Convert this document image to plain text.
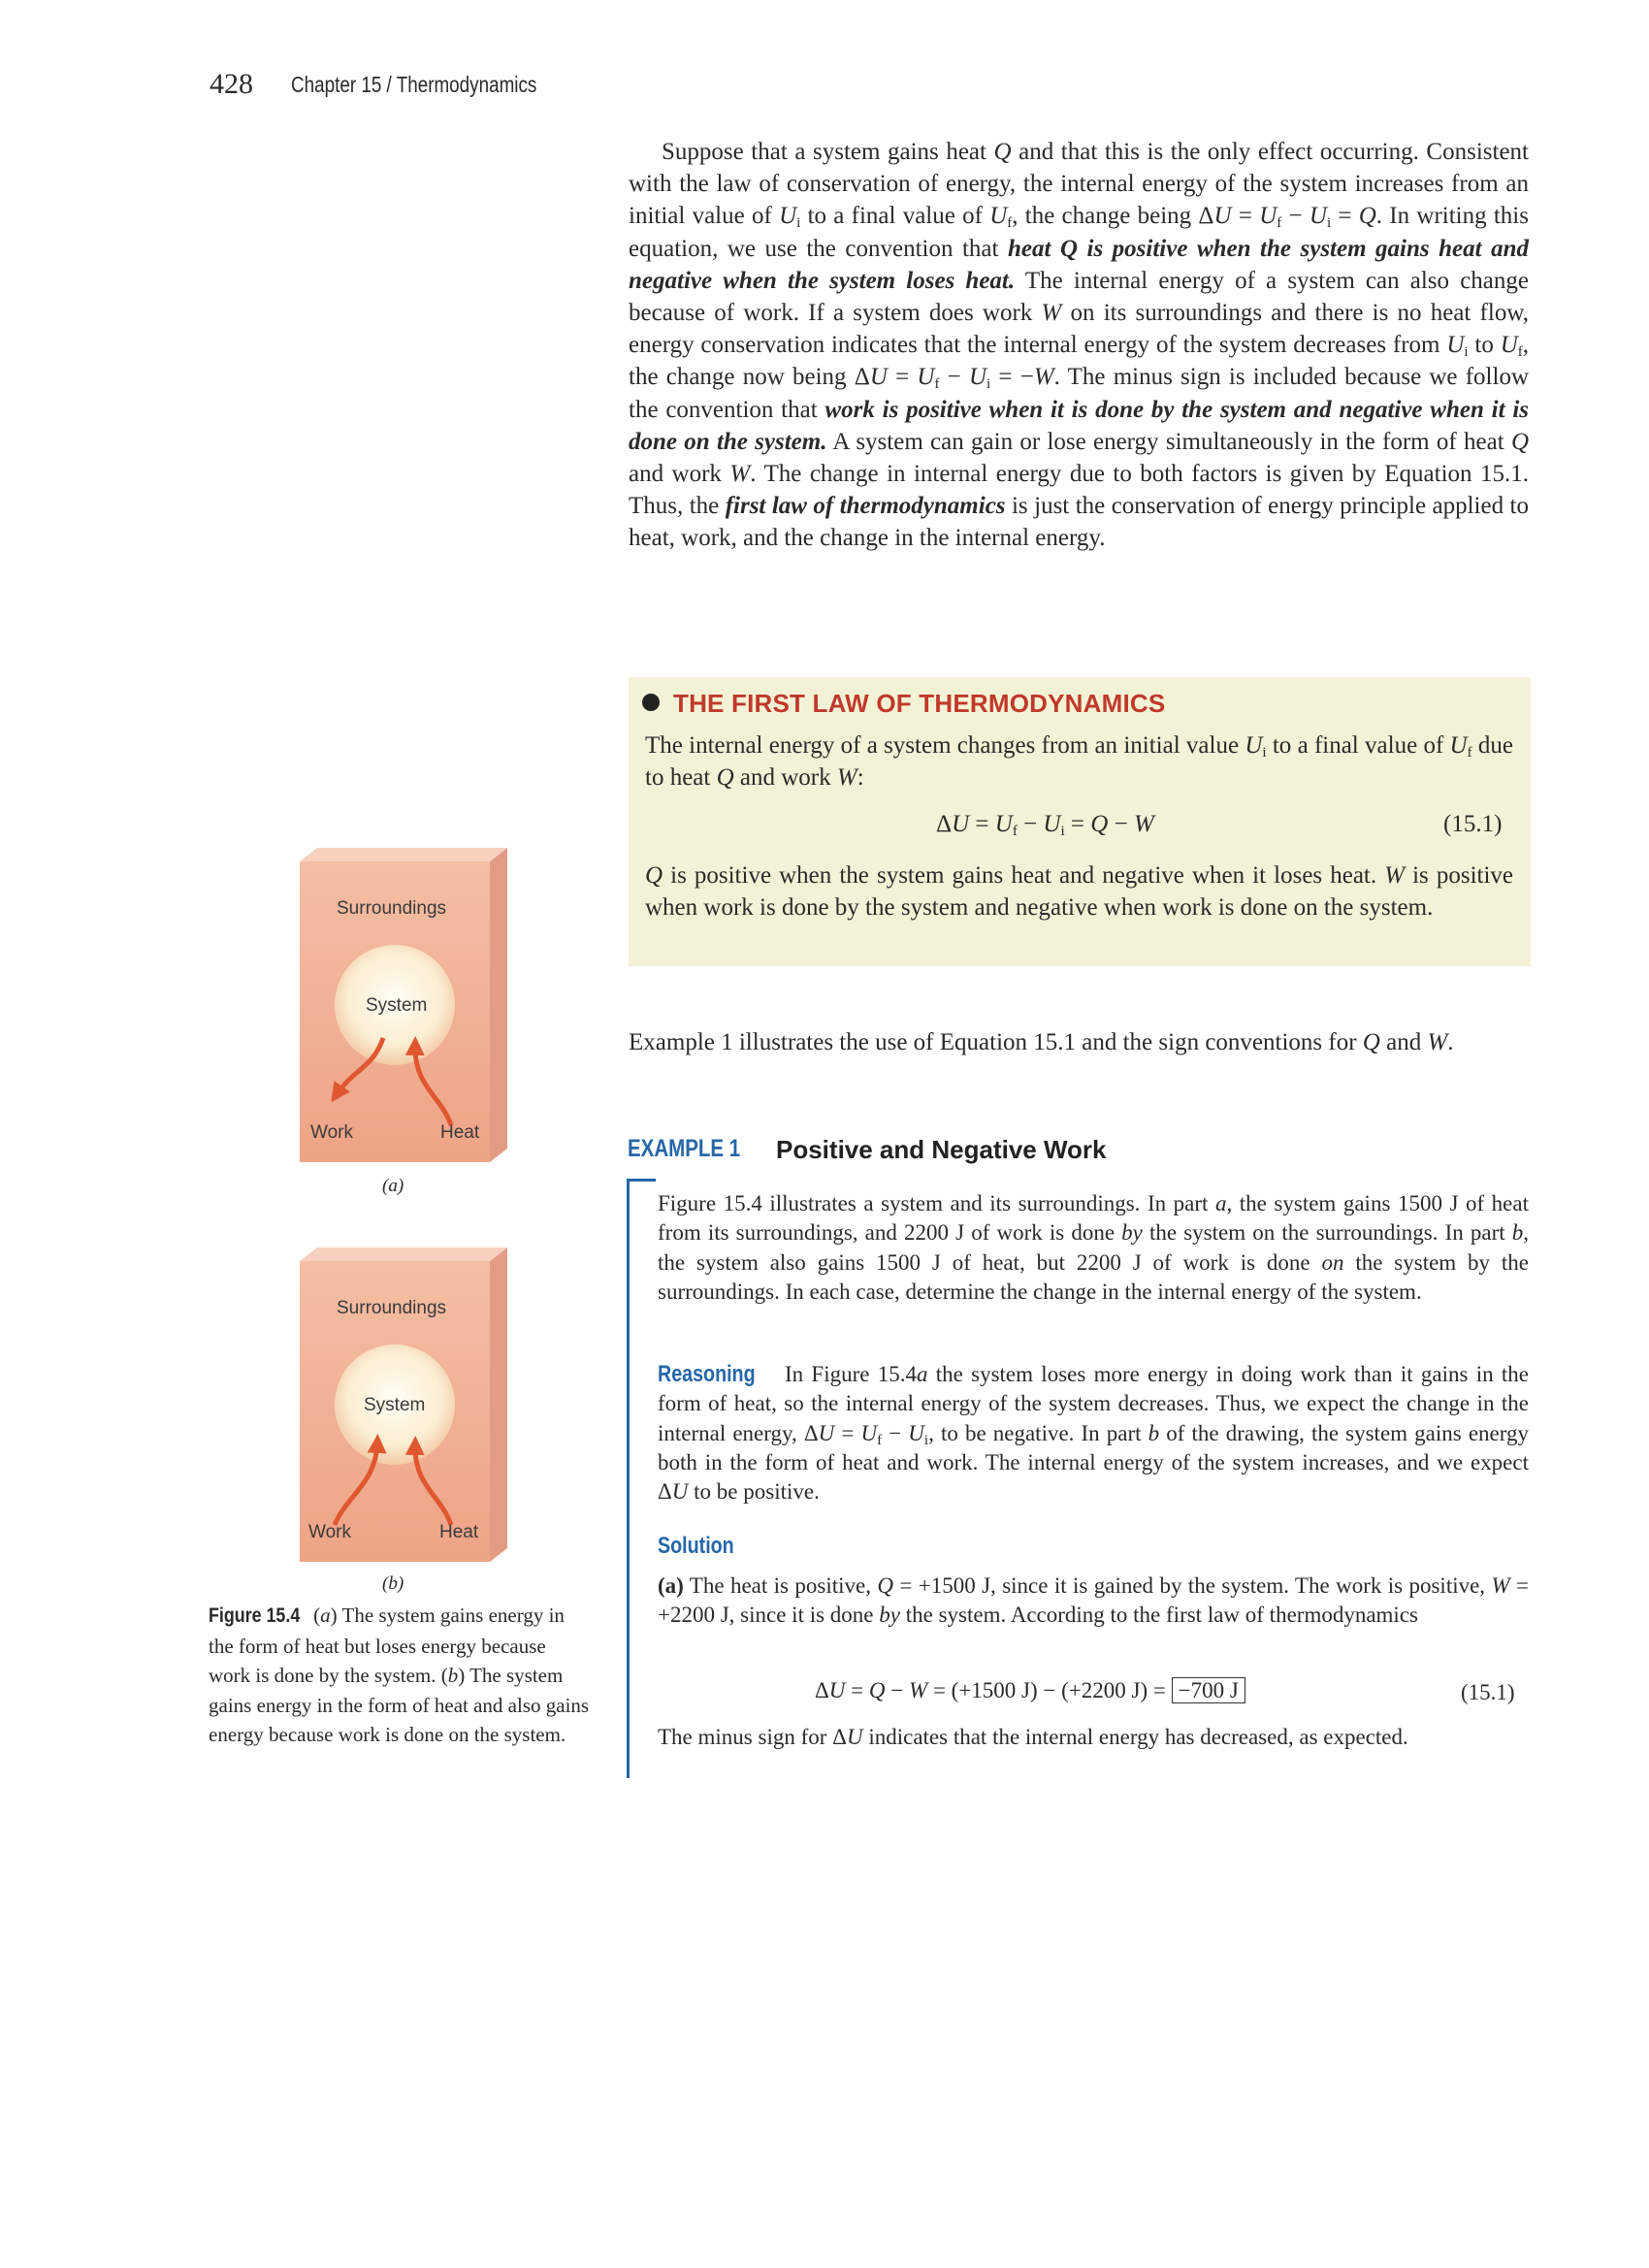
428 Chapter 15 / Thermodynamics

Suppose that a system gains heat Q and that this is the only effect occurring. Consistent with the law of conservation of energy, the internal energy of the system increases from an initial value of $U_i$ to a final value of $U_f$, the change being $\Delta U = U_f - U_i = Q$. In writing this equation, we use the convention that heat Q is positive when the system gains heat and negative when the system loses heat. The internal energy of a system can also change because of work. If a system does work W on its surroundings and there is no heat flow, energy conservation indicates that the internal energy of the system decreases from $U_i$ to $U_f$, the change now being $\Delta U = U_f - U_i = -W$. The minus sign is included because we follow the convention that work is positive when it is done by the system and negative when it is done on the system. A system can gain or lose energy simultaneously in the form of heat Q and work W. The change in internal energy due to both factors is given by Equation 15.1. Thus, the first law of thermodynamics is just the conservation of energy principle applied to heat, work, and the change in the internal energy.

THE FIRST LAW OF THERMODYNAMICS
The internal energy of a system changes from an initial value $U_i$ to a final value of $U_f$ due to heat Q and work W:
$\Delta U = U_f - U_i = Q - W$	(15.1)
Q is positive when the system gains heat and negative when it loses heat. W is positive when work is done by the system and negative when work is done on the system.
Example 1 illustrates the use of Equation 15.1 and the sign conventions for Q and W.
EXAMPLE 1 Positive and Negative Work
Figure 15.4 illustrates a system and its surroundings. In part a, the system gains 1500 J of heat from its surroundings, and 2200 J of work is done by the system on the surroundings. In part b, the system also gains 1500 J of heat, but 2200 J of work is done on the system by the surroundings. In each case, determine the change in the internal energy of the system.
Reasoning In Figure 15.4a the system loses more energy in doing work than it gains in the form of heat, so the internal energy of the system decreases. Thus, we expect the change in the internal energy, $\Delta U = U_f - U_i$, to be negative. In part b of the drawing, the system gains energy both in the form of heat and work. The internal energy of the system increases, and we expect ΔU to be positive.
Solution
(a) The heat is positive, Q = +1500 J, since it is gained by the system. The work is positive, W = +2200 J, since it is done by the system. According to the first law of thermodynamics
ΔU = Q − W = (+1500 J) − (+2200 J) = −700 J	(15.1)
The minus sign for ΔU indicates that the internal energy has decreased, as expected.
Surroundings
System
Work	Heat
(a)
Surroundings
System
Work	Heat
(b)
Figure 15.4 (a) The system gains energy in the form of heat but loses energy because work is done by the system. (b) The system gains energy in the form of heat and also gains energy because work is done on the system.
